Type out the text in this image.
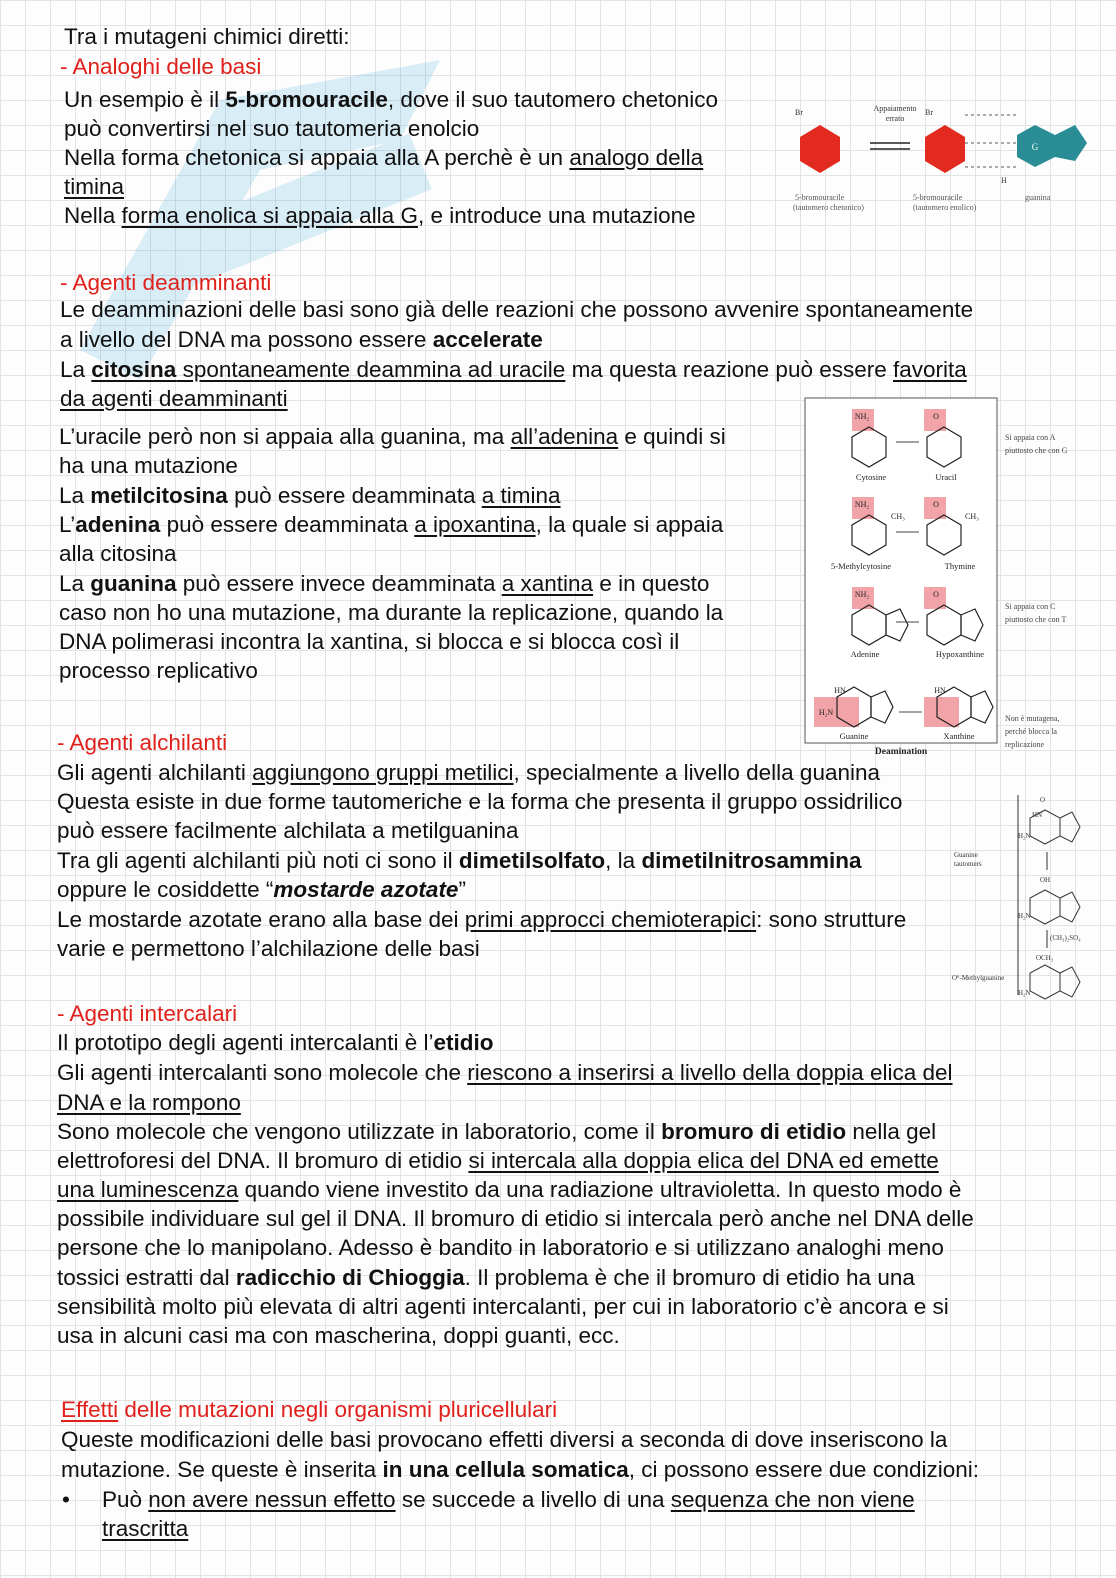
Tra i mutageni chimici diretti:

- Analoghi delle basi

Un esempio è il 5-bromouracile, dove il suo tautomero chetonico

può convertirsi nel suo tautomeria enolcio

Nella forma chetonica si appaia alla A perchè è un analogo della

timina

Nella forma enolica si appaia alla G, e introduce una mutazione

Appaiamento
errato
Br	Br
H
G
5-bromouracile
(tautomero chetonico)
5-bromouracile
(tautomero enolico)
guanina

- Agenti deamminanti

Le deamminazioni delle basi sono già delle reazioni che possono avvenire spontaneamente

a livello del DNA ma possono essere accelerate

La citosina spontaneamente deammina ad uracile ma questa reazione può essere favorita

da agenti deamminanti

L’uracile però non si appaia alla guanina, ma all’adenina e quindi si

ha una mutazione

La metilcitosina può essere deamminata a timina

L’adenina può essere deamminata a ipoxantina, la quale si appaia

alla citosina

La guanina può essere invece deamminata a xantina e in questo

caso non ho una mutazione, ma durante la replicazione, quando la

DNA polimerasi incontra la xantina, si blocca e si blocca così il

processo replicativo

NH₂	O
NH₂	O
CH₃	CH₃
NH₂	O
H₂N
HN	HN
Cytosine	Uracil
5-Methylcytosine	Thymine
Adenine	Hypoxanthine
Guanine	Xanthine
Deamination
Si appaia con A
piuttosto che con G
Si appaia con C
piuttosto che con T
Non è mutagena,
perché blocca la
replicazione

- Agenti alchilanti

Gli agenti alchilanti aggiungono gruppi metilici, specialmente a livello della guanina

Questa esiste in due forme tautomeriche e la forma che presenta il gruppo ossidrilico

può essere facilmente alchilata a metilguanina

Tra gli agenti alchilanti più noti ci sono il dimetilsolfato, la dimetilnitrosammina

oppure le cosiddette “mostarde azotate”

Le mostarde azotate erano alla base dei primi approcci chemioterapici: sono strutture

varie e permettono l’alchilazione delle basi

O
HN
H₂N
OH
H₂N
(CH₃)₂SO₄
OCH₃
H₂N
Guanine
tautomers
O⁶-Methylguanine

- Agenti intercalari

Il prototipo degli agenti intercalanti è l’etidio

Gli agenti intercalanti sono molecole che riescono a inserirsi a livello della doppia elica del

DNA e la rompono

Sono molecole che vengono utilizzate in laboratorio, come il bromuro di etidio nella gel

elettroforesi del DNA. Il bromuro di etidio si intercala alla doppia elica del DNA ed emette

una luminescenza quando viene investito da una radiazione ultravioletta. In questo modo è

possibile individuare sul gel il DNA. Il bromuro di etidio si intercala però anche nel DNA delle

persone che lo manipolano. Adesso è bandito in laboratorio e si utilizzano analoghi meno

tossici estratti dal radicchio di Chioggia. Il problema è che il bromuro di etidio ha una

sensibilità molto più elevata di altri agenti intercalanti, per cui in laboratorio c’è ancora e si

usa in alcuni casi ma con mascherina, doppi guanti, ecc.

Effetti delle mutazioni negli organismi pluricellulari

Queste modificazioni delle basi provocano effetti diversi a seconda di dove inseriscono la

mutazione. Se queste è inserita in una cellula somatica, ci possono essere due condizioni:

• Può non avere nessun effetto se succede a livello di una sequenza che non viene

trascritta
